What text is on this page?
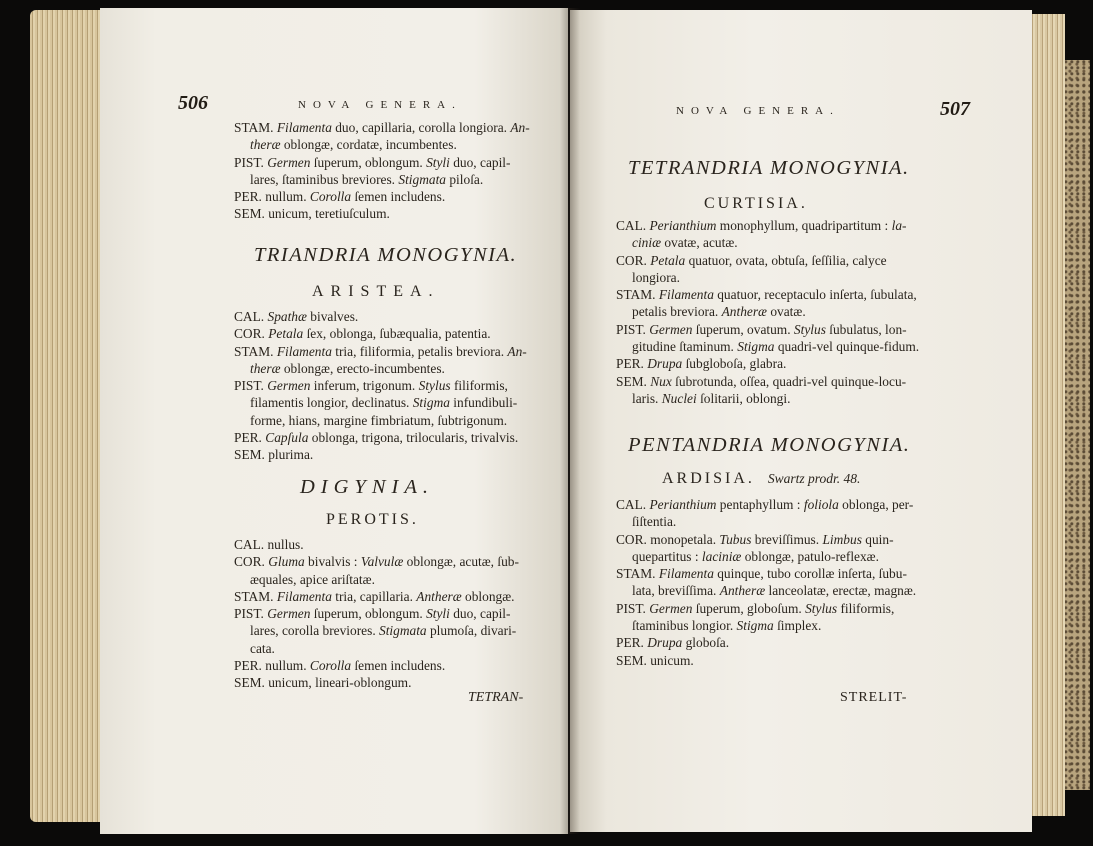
506	NOVA GENERA.
STAM. Filamenta duo, capillaria, corolla longiora. An-
theræ oblongæ, cordatæ, incumbentes.
PIST. Germen ſuperum, oblongum. Styli duo, capil-
lares, ſtaminibus breviores. Stigmata piloſa.
PER. nullum. Corolla ſemen includens.
SEM. unicum, teretiuſculum.
TRIANDRIA MONOGYNIA.
ARISTEA.
CAL. Spathæ bivalves.
COR. Petala ſex, oblonga, ſubæqualia, patentia.
STAM. Filamenta tria, filiformia, petalis breviora. An-
theræ oblongæ, erecto-incumbentes.
PIST. Germen inferum, trigonum. Stylus filiformis,
filamentis longior, declinatus. Stigma infundibuli-
forme, hians, margine fimbriatum, ſubtrigonum.
PER. Capſula oblonga, trigona, trilocularis, trivalvis.
SEM. plurima.
DIGYNIA.
PEROTIS.
CAL. nullus.
COR. Gluma bivalvis : Valvulæ oblongæ, acutæ, ſub-
æquales, apice ariſtatæ.
STAM. Filamenta tria, capillaria. Antheræ oblongæ.
PIST. Germen ſuperum, oblongum. Styli duo, capil-
lares, corolla breviores. Stigmata plumoſa, divari-
cata.
PER. nullum. Corolla ſemen includens.
SEM. unicum, lineari-oblongum.
TETRAN-
NOVA GENERA.	507
TETRANDRIA MONOGYNIA.
CURTISIA.
CAL. Perianthium monophyllum, quadripartitum : la-
ciniæ ovatæ, acutæ.
COR. Petala quatuor, ovata, obtuſa, ſeſſilia, calyce
longiora.
STAM. Filamenta quatuor, receptaculo inſerta, ſubulata,
petalis breviora. Antheræ ovatæ.
PIST. Germen ſuperum, ovatum. Stylus ſubulatus, lon-
gitudine ſtaminum. Stigma quadri-vel quinque-fidum.
PER. Drupa ſubgloboſa, glabra.
SEM. Nux ſubrotunda, oſſea, quadri-vel quinque-locu-
laris. Nuclei ſolitarii, oblongi.
PENTANDRIA MONOGYNIA.
ARDISIA. Swartz prodr. 48.
CAL. Perianthium pentaphyllum : foliola oblonga, per-
ſiſtentia.
COR. monopetala. Tubus breviſſimus. Limbus quin-
quepartitus : laciniæ oblongæ, patulo-reflexæ.
STAM. Filamenta quinque, tubo corollæ inſerta, ſubu-
lata, breviſſima. Antheræ lanceolatæ, erectæ, magnæ.
PIST. Germen ſuperum, globoſum. Stylus filiformis,
ſtaminibus longior. Stigma ſimplex.
PER. Drupa globoſa.
SEM. unicum.
STRELIT-
